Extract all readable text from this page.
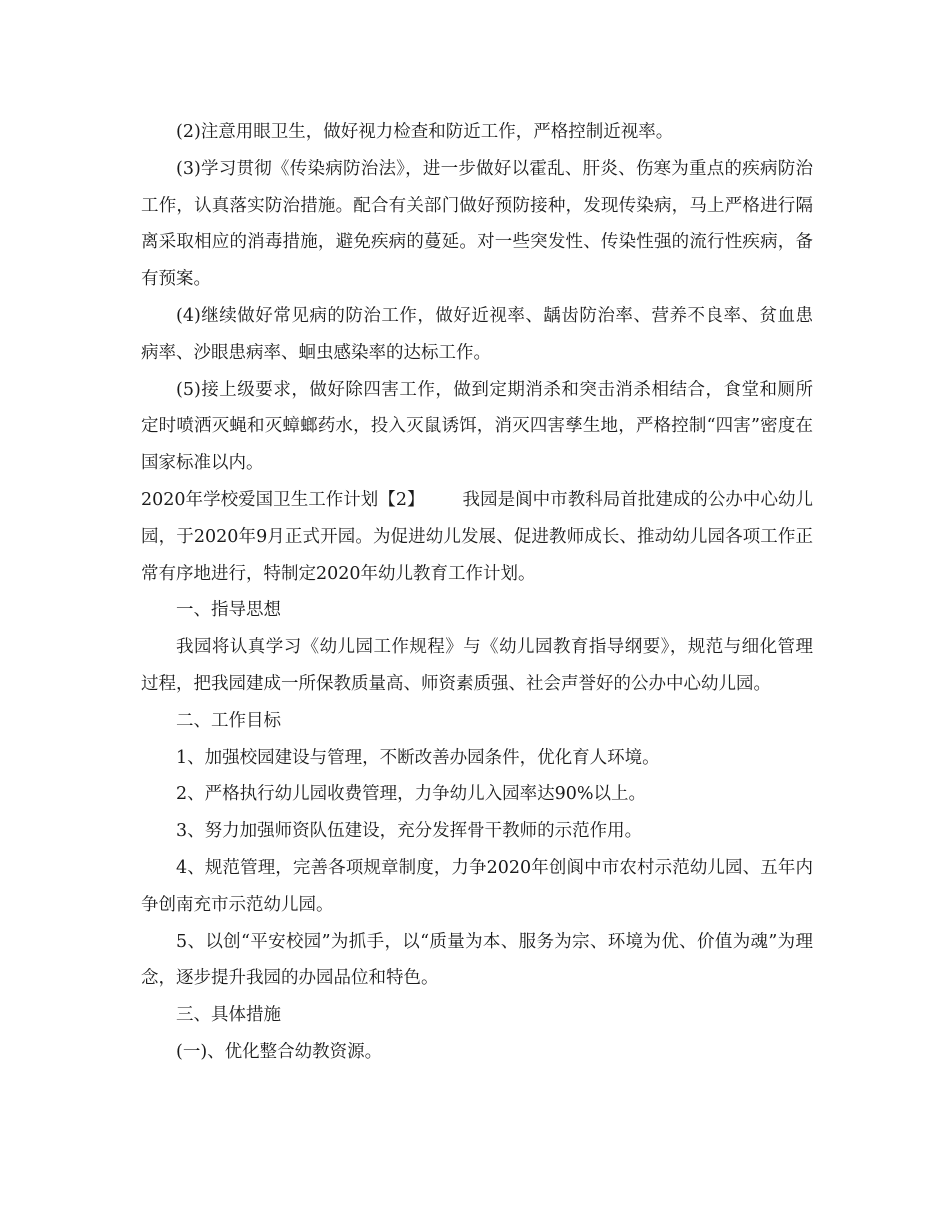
(2)注意用眼卫生，做好视力检查和防近工作，严格控制近视率。

(3)学习贯彻《传染病防治法》，进一步做好以霍乱、肝炎、伤寒为重点的疾病防治工作，认真落实防治措施。配合有关部门做好预防接种，发现传染病，马上严格进行隔离采取相应的消毒措施，避免疾病的蔓延。对一些突发性、传染性强的流行性疾病，备有预案。

(4)继续做好常见病的防治工作，做好近视率、龋齿防治率、营养不良率、贫血患病率、沙眼患病率、蛔虫感染率的达标工作。

(5)接上级要求，做好除四害工作，做到定期消杀和突击消杀相结合，食堂和厕所定时喷洒灭蝇和灭蟑螂药水，投入灭鼠诱饵，消灭四害孳生地，严格控制“四害”密度在国家标准以内。

2020年学校爱国卫生工作计划【2】 我园是阆中市教科局首批建成的公办中心幼儿园，于2020年9月正式开园。为促进幼儿发展、促进教师成长、推动幼儿园各项工作正常有序地进行，特制定2020年幼儿教育工作计划。

一、指导思想

我园将认真学习《幼儿园工作规程》与《幼儿园教育指导纲要》，规范与细化管理过程，把我园建成一所保教质量高、师资素质强、社会声誉好的公办中心幼儿园。

二、工作目标

1、加强校园建设与管理，不断改善办园条件，优化育人环境。

2、严格执行幼儿园收费管理，力争幼儿入园率达90%以上。

3、努力加强师资队伍建设，充分发挥骨干教师的示范作用。

4、规范管理，完善各项规章制度，力争2020年创阆中市农村示范幼儿园、五年内争创南充市示范幼儿园。

5、以创“平安校园”为抓手，以“质量为本、服务为宗、环境为优、价值为魂”为理念，逐步提升我园的办园品位和特色。

三、具体措施

(一)、优化整合幼教资源。
